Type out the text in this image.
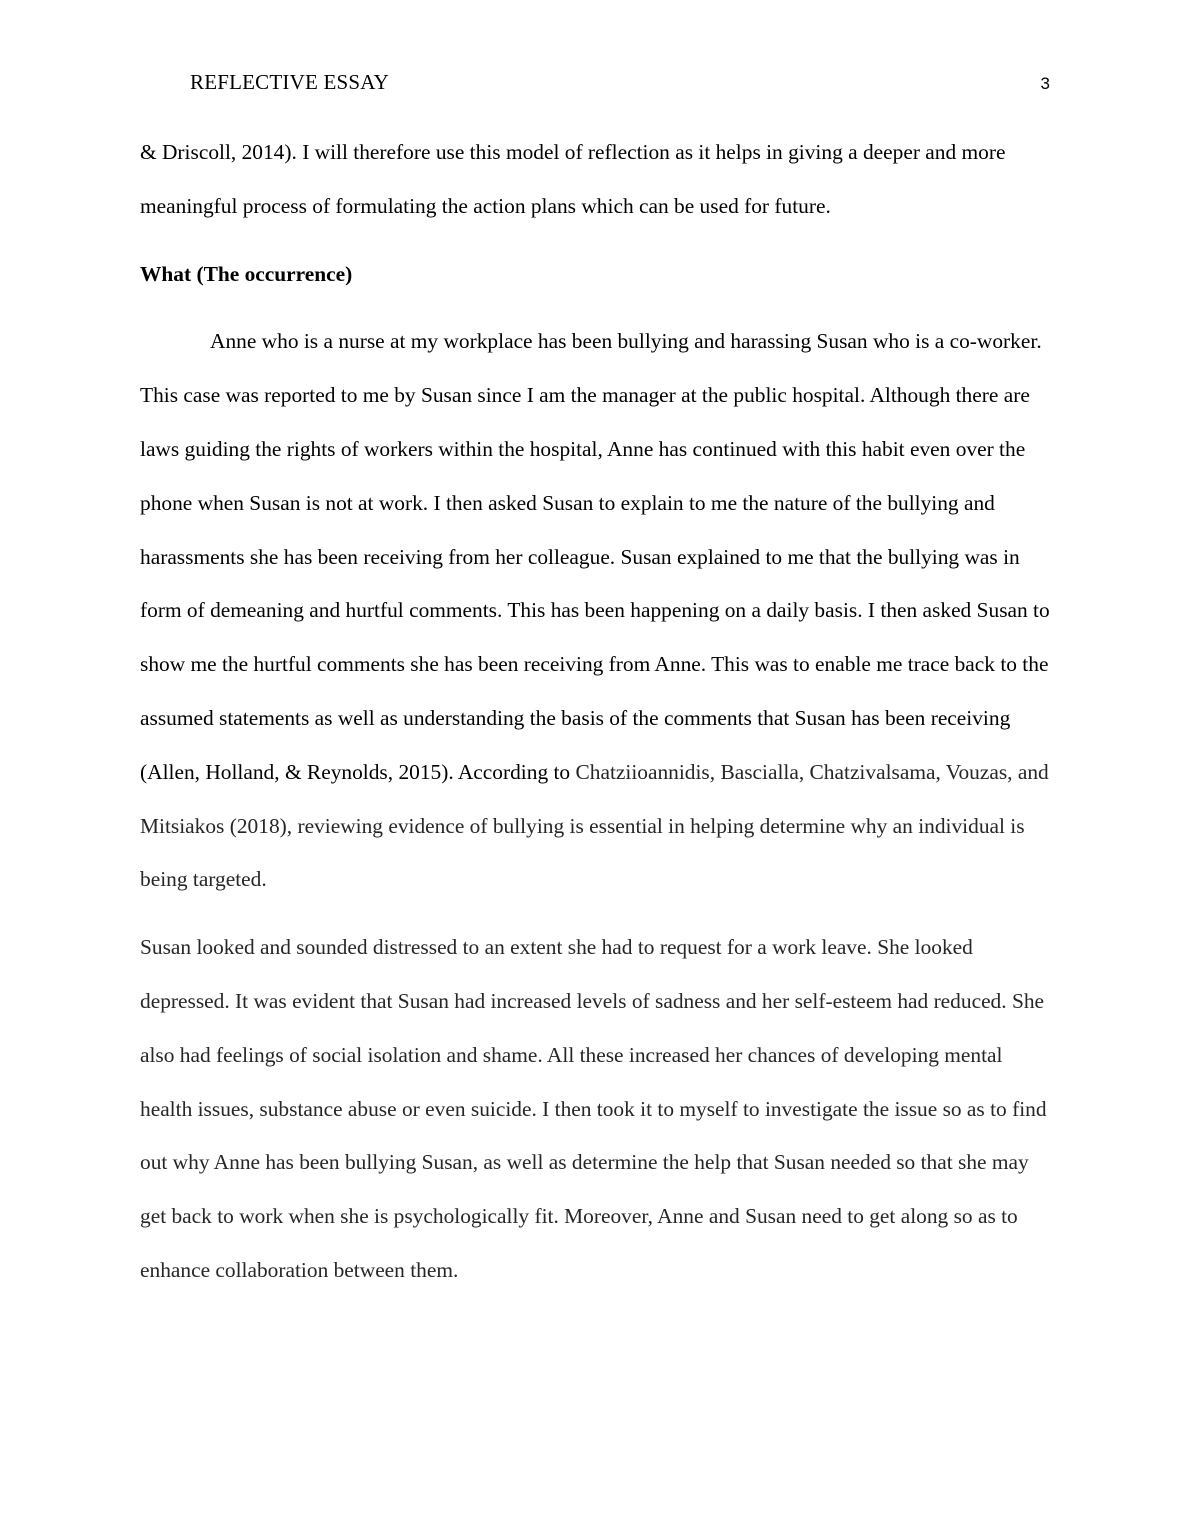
REFLECTIVE ESSAY	3

& Driscoll, 2014). I will therefore use this model of reflection as it helps in giving a deeper and more meaningful process of formulating the action plans which can be used for future.

What (The occurrence)

Anne who is a nurse at my workplace has been bullying and harassing Susan who is a co-worker. This case was reported to me by Susan since I am the manager at the public hospital. Although there are laws guiding the rights of workers within the hospital, Anne has continued with this habit even over the phone when Susan is not at work. I then asked Susan to explain to me the nature of the bullying and harassments she has been receiving from her colleague. Susan explained to me that the bullying was in form of demeaning and hurtful comments. This has been happening on a daily basis. I then asked Susan to show me the hurtful comments she has been receiving from Anne. This was to enable me trace back to the assumed statements as well as understanding the basis of the comments that Susan has been receiving (Allen, Holland, & Reynolds, 2015). According to Chatziioannidis, Bascialla, Chatzivalsama, Vouzas, and Mitsiakos (2018), reviewing evidence of bullying is essential in helping determine why an individual is being targeted.

Susan looked and sounded distressed to an extent she had to request for a work leave. She looked depressed. It was evident that Susan had increased levels of sadness and her self-esteem had reduced. She also had feelings of social isolation and shame. All these increased her chances of developing mental health issues, substance abuse or even suicide. I then took it to myself to investigate the issue so as to find out why Anne has been bullying Susan, as well as determine the help that Susan needed so that she may get back to work when she is psychologically fit. Moreover, Anne and Susan need to get along so as to enhance collaboration between them.
